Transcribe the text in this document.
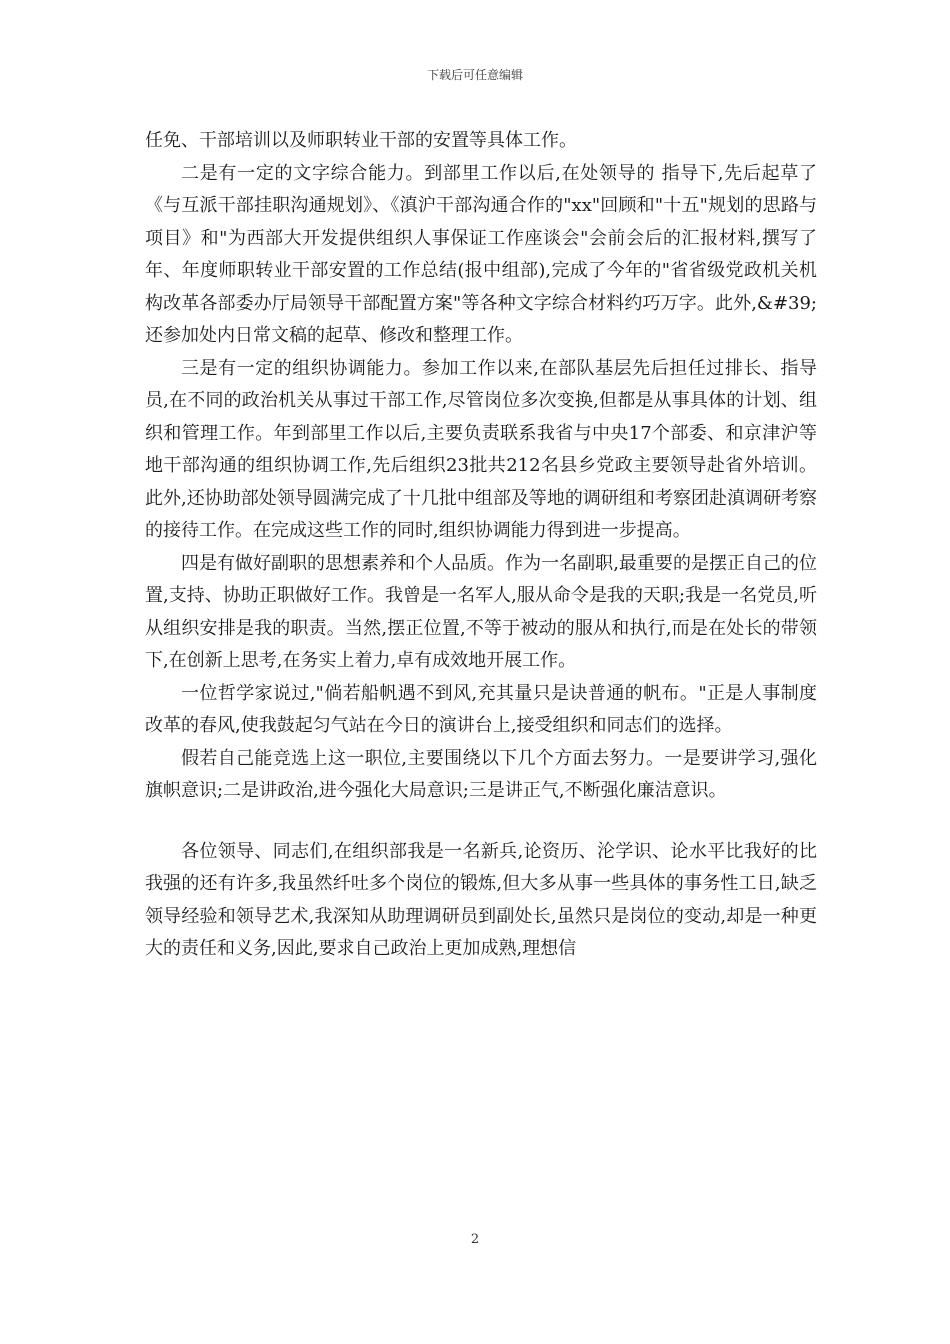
下载后可任意编辑

任免、干部培训以及师职转业干部的安置等具体工作。

二是有一定的文字综合能力。到部里工作以后,在处领导的 指导下,先后起草了《与互派干部挂职沟通规划》、《滇沪干部沟通合作的"xx"回顾和"十五"规划的思路与项目》和"为西部大开发提供组织人事保证工作座谈会"会前会后的汇报材料,撰写了年、年度师职转业干部安置的工作总结(报中组部),完成了今年的"省省级党政机关机构改革各部委办厅局领导干部配置方案"等各种文字综合材料约巧万字。此外,&#39;还参加处内日常文稿的起草、修改和整理工作。

三是有一定的组织协调能力。参加工作以来,在部队基层先后担任过排长、指导员,在不同的政治机关从事过干部工作,尽管岗位多次变换,但都是从事具体的计划、组织和管理工作。年到部里工作以后,主要负责联系我省与中央17个部委、和京津沪等地干部沟通的组织协调工作,先后组织23批共212名县乡党政主要领导赴省外培训。此外,还协助部处领导圆满完成了十几批中组部及等地的调研组和考察团赴滇调研考察的接待工作。在完成这些工作的同时,组织协调能力得到进一步提高。

四是有做好副职的思想素养和个人品质。作为一名副职,最重要的是摆正自己的位置,支持、协助正职做好工作。我曾是一名军人,服从命令是我的天职;我是一名党员,听从组织安排是我的职责。当然,摆正位置,不等于被动的服从和执行,而是在处长的带领下,在创新上思考,在务实上着力,卓有成效地开展工作。

一位哲学家说过,"倘若船帆遇不到风,充其量只是诀普通的帆布。"正是人事制度改革的春风,使我鼓起匀气站在今日的演讲台上,接受组织和同志们的选择。

假若自己能竞选上这一职位,主要围绕以下几个方面去努力。一是要讲学习,强化旗帜意识;二是讲政治,进今强化大局意识;三是讲正气,不断强化廉洁意识。

各位领导、同志们,在组织部我是一名新兵,论资历、沦学识、论水平比我好的比我强的还有许多,我虽然纤吐多个岗位的锻炼,但大多从事一些具体的事务性工日,缺乏领导经验和领导艺术,我深知从助理调研员到副处长,虽然只是岗位的变动,却是一种更大的责任和义务,因此,要求自己政治上更加成熟,理想信

2
